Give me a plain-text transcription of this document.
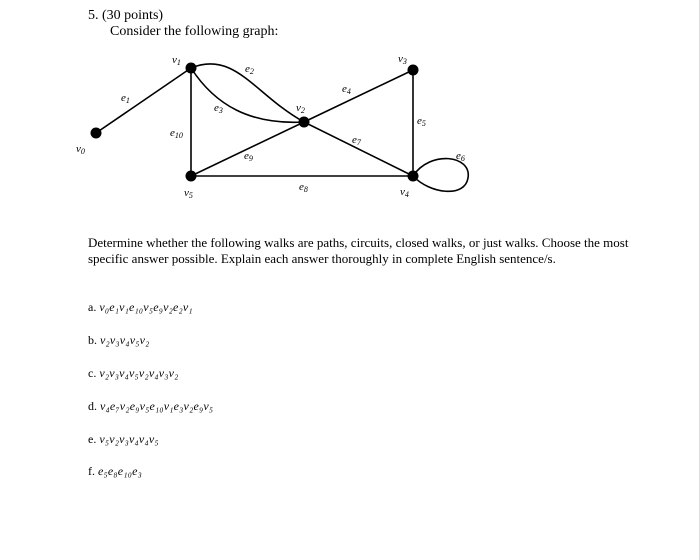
5. (30 points)
Consider the following graph:
v0
v1
v2
v3
v4
v5
e1
e2
e3
e4
e5
e6
e7
e8
e9
e10
Determine whether the following walks are paths, circuits, closed walks, or just walks. Choose the most specific answer possible. Explain each answer thoroughly in complete English sentence/s.
a. v₀e₁v₁e₁₀v₅e₉v₂e₂v₁
b. v₂v₃v₄v₅v₂
c. v₂v₃v₄v₅v₂v₄v₃v₂
d. v₄e₇v₂e₉v₅e₁₀v₁e₃v₂e₉v₅
e. v₅v₂v₃v₄v₄v₅
f. e₅e₈e₁₀e₃
